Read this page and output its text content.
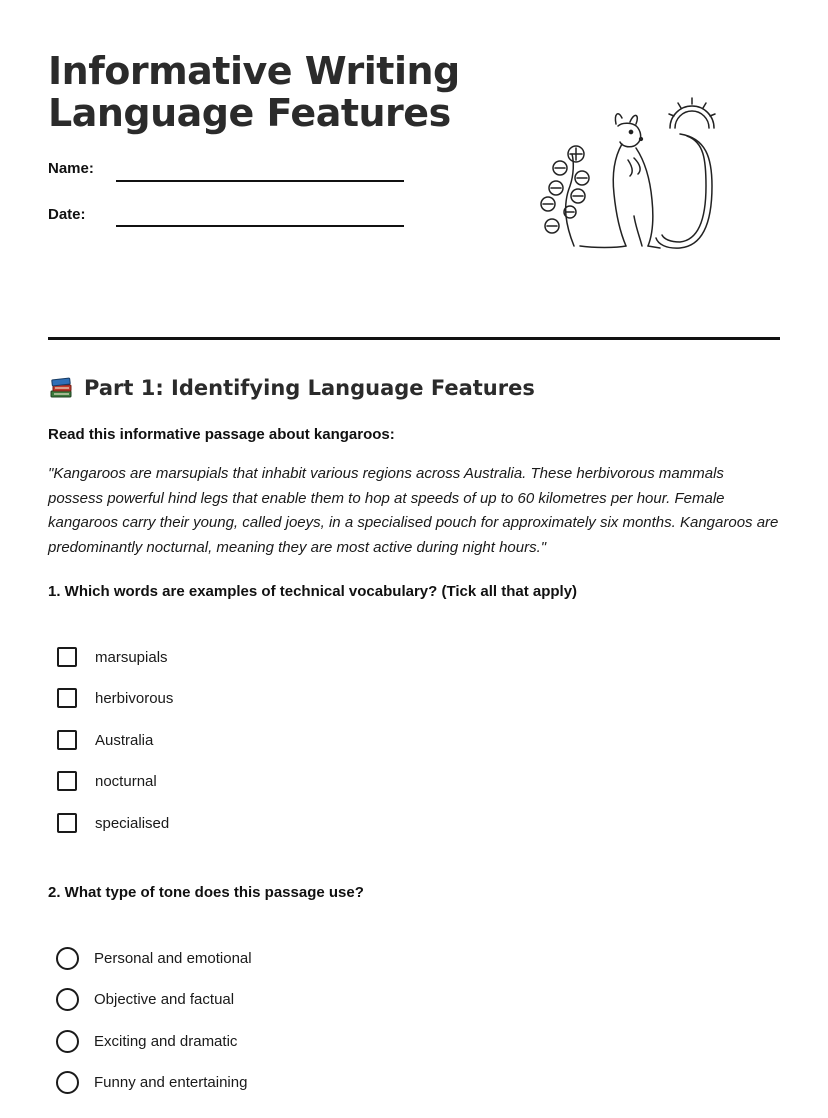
Informative Writing
Language Features
Name:
Date:
Part 1: Identifying Language Features
Read this informative passage about kangaroos:

"Kangaroos are marsupials that inhabit various regions across Australia. These herbivorous mammals possess powerful hind legs that enable them to hop at speeds of up to 60 kilometres per hour. Female kangaroos carry their young, called joeys, in a specialised pouch for approximately six months. Kangaroos are predominantly nocturnal, meaning they are most active during night hours."

1. Which words are examples of technical vocabulary? (Tick all that apply)
marsupials
herbivorous
Australia
nocturnal
specialised
2. What type of tone does this passage use?
Personal and emotional
Objective and factual
Exciting and dramatic
Funny and entertaining
